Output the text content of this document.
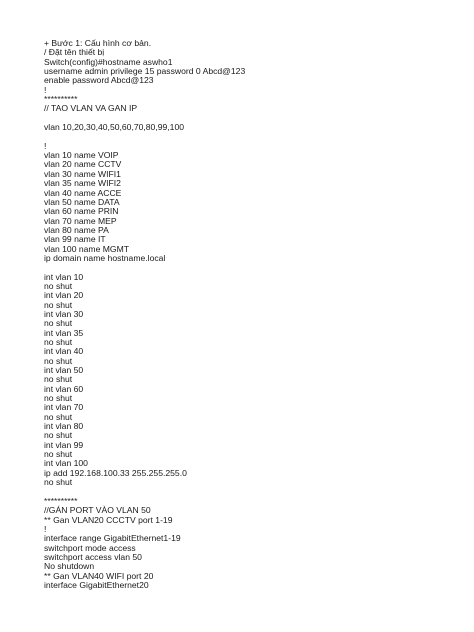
+ Bước 1: Cấu hình cơ bản.
/ Đặt tên thiết bị
Switch(config)#hostname aswho1
username admin privilege 15 password 0 Abcd@123
enable password Abcd@123
!
**********
// TAO VLAN VA GAN IP
vlan 10,20,30,40,50,60,70,80,99,100
!
vlan 10 name VOIP
vlan 20 name CCTV
vlan 30 name WIFI1
vlan 35 name WIFI2
vlan 40 name ACCE
vlan 50 name DATA
vlan 60 name PRIN
vlan 70 name MEP
vlan 80 name PA
vlan 99 name IT
vlan 100 name MGMT
ip domain name hostname.local
int vlan 10
no shut
int vlan 20
no shut
int vlan 30
no shut
int vlan 35
no shut
int vlan 40
no shut
int vlan 50
no shut
int vlan 60
no shut
int vlan 70
no shut
int vlan 80
no shut
int vlan 99
no shut
int vlan 100
ip add 192.168.100.33 255.255.255.0
no shut
**********
//GÁN PORT VÀO VLAN 50
** Gan VLAN20 CCCTV port 1-19
!
interface range GigabitEthernet1-19
switchport mode access
switchport access vlan 50
No shutdown
** Gan VLAN40 WIFI port 20
interface GigabitEthernet20
